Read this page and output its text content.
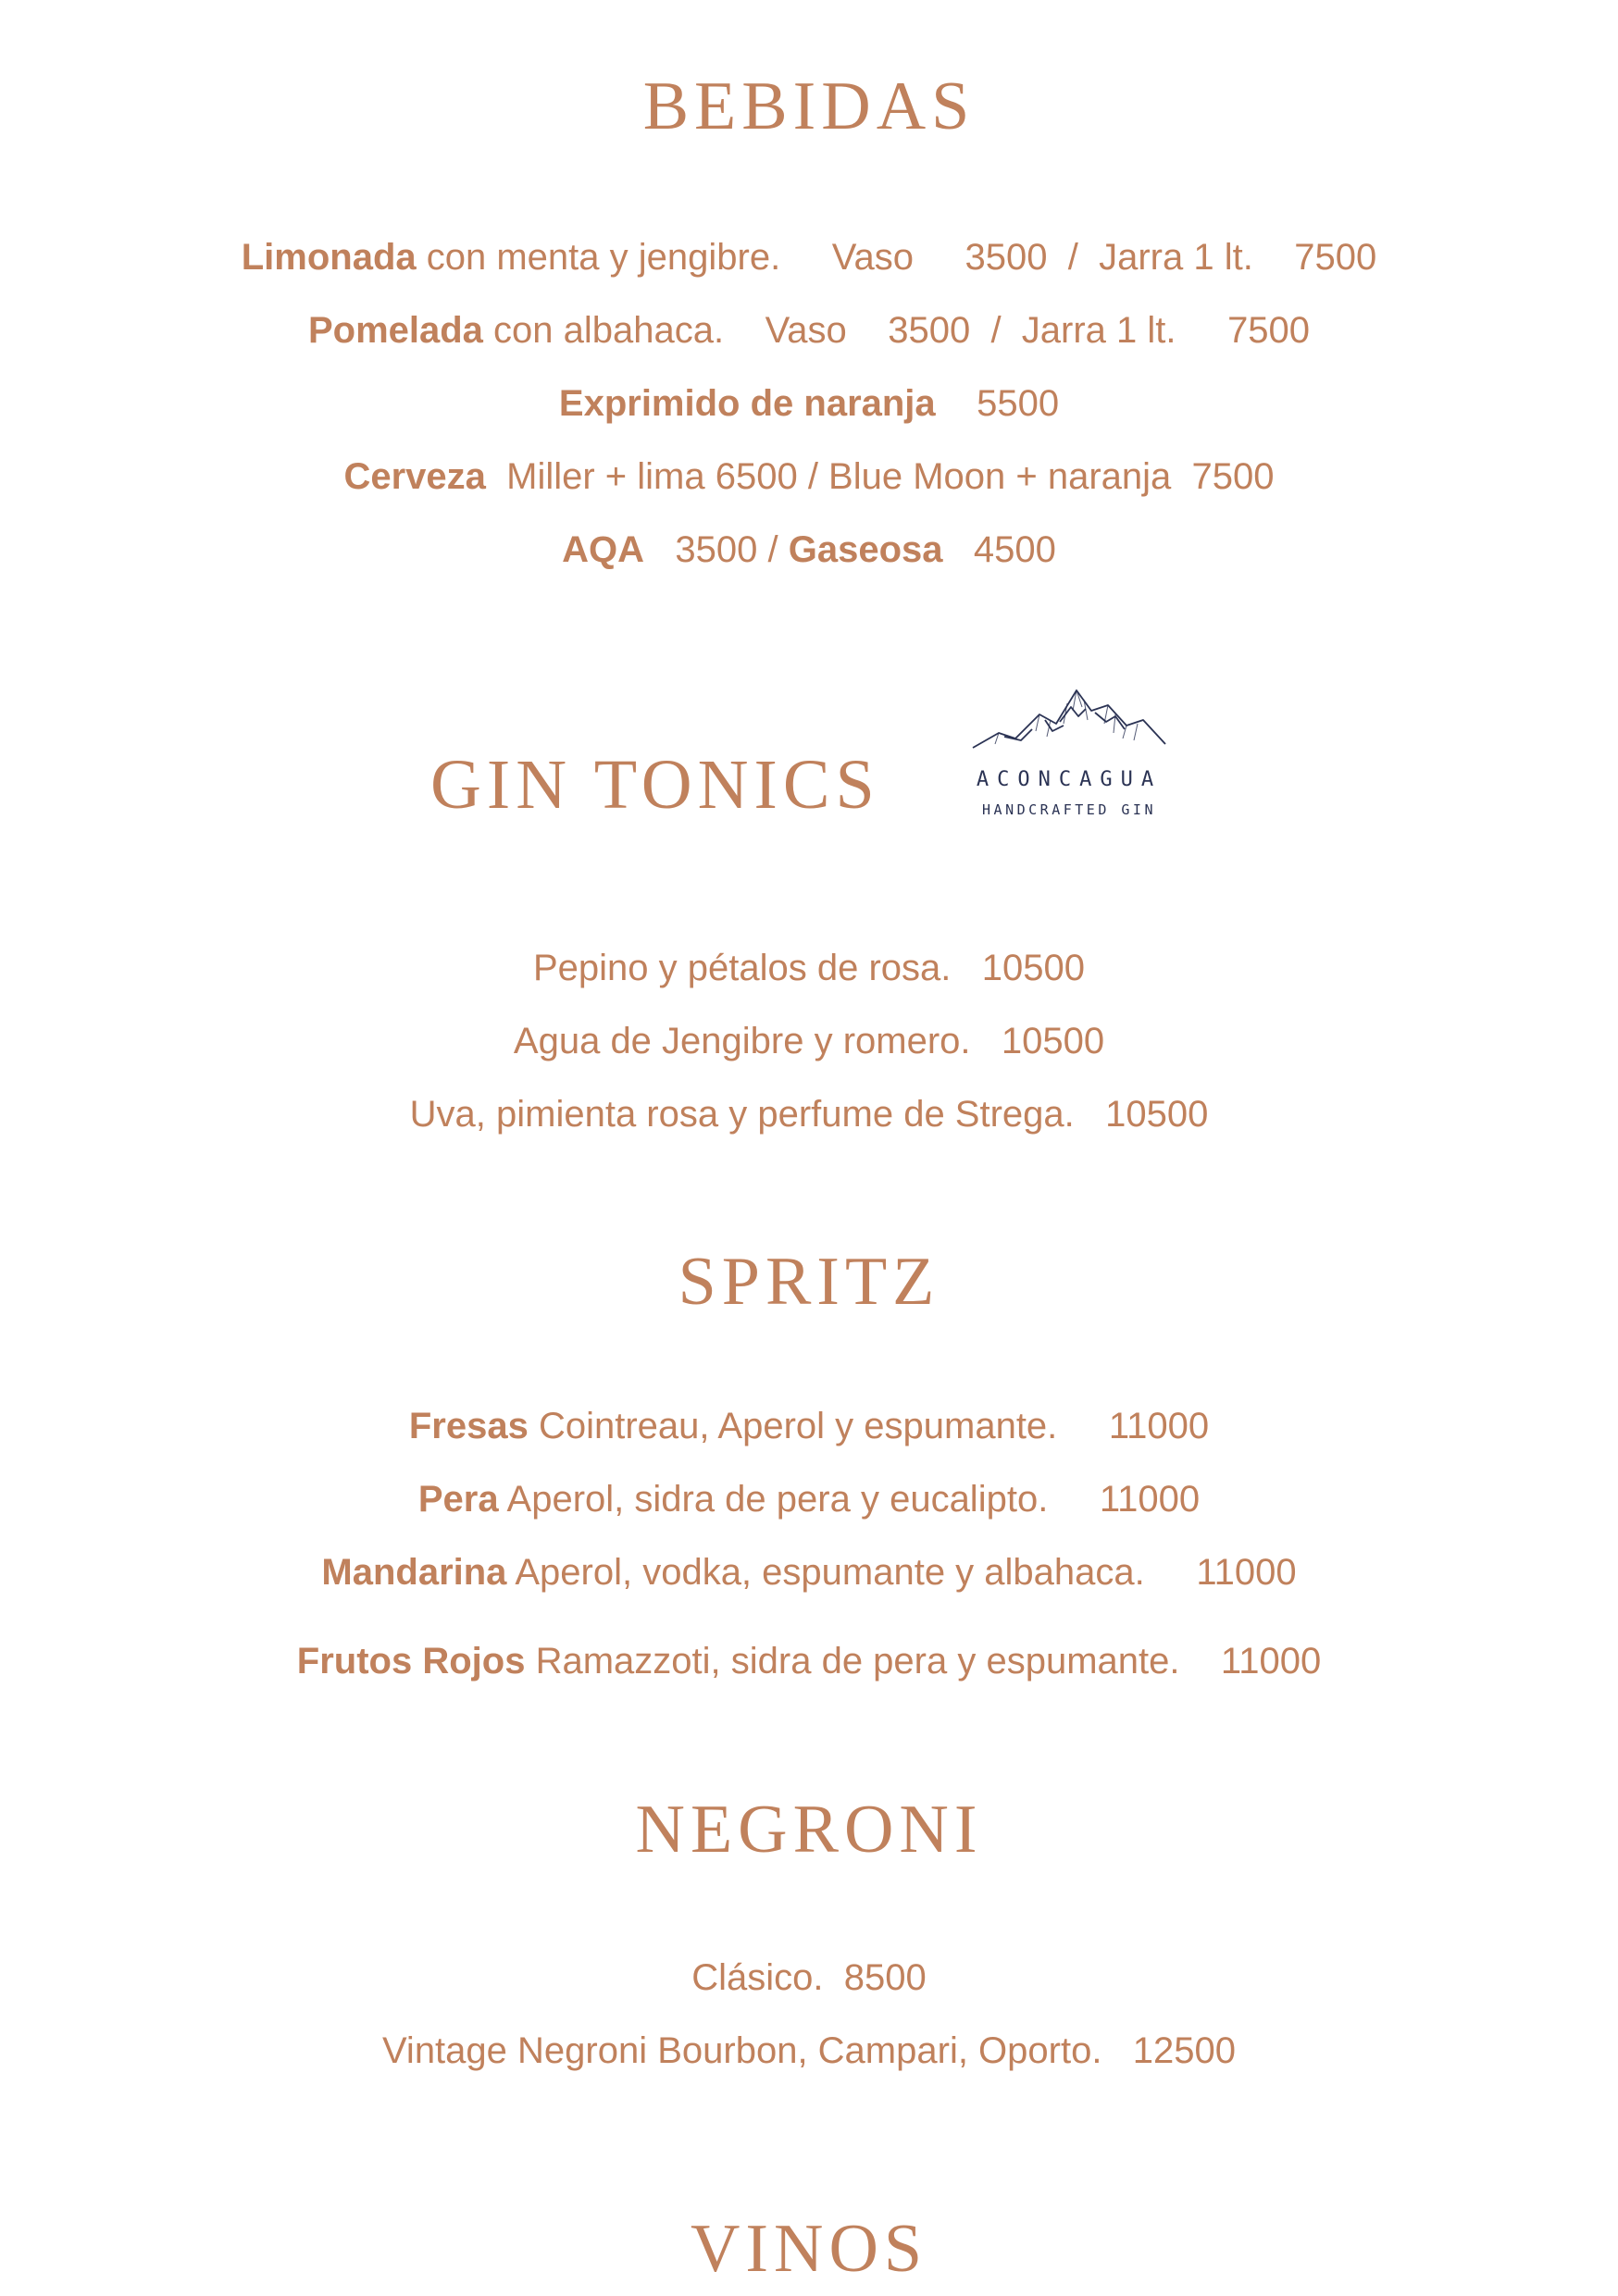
BEBIDAS
Limonada con menta y jengibre.     Vaso     3500  /  Jarra 1 lt.    7500
Pomelada con albahaca.    Vaso    3500  /  Jarra 1 lt.     7500
Exprimido de naranja    5500
Cerveza  Miller + lima 6500 / Blue Moon + naranja  7500
AQA   3500 / Gaseosa   4500
GIN TONICS	ACONCAGUA
HANDCRAFTED GIN
Pepino y pétalos de rosa.   10500
Agua de Jengibre y romero.   10500
Uva, pimienta rosa y perfume de Strega.   10500
SPRITZ
Fresas Cointreau, Aperol y espumante.     11000
Pera Aperol, sidra de pera y eucalipto.     11000
Mandarina Aperol, vodka, espumante y albahaca.     11000
Frutos Rojos Ramazzoti, sidra de pera y espumante.    11000
NEGRONI
Clásico.  8500
Vintage Negroni Bourbon, Campari, Oporto.   12500
VINOS
